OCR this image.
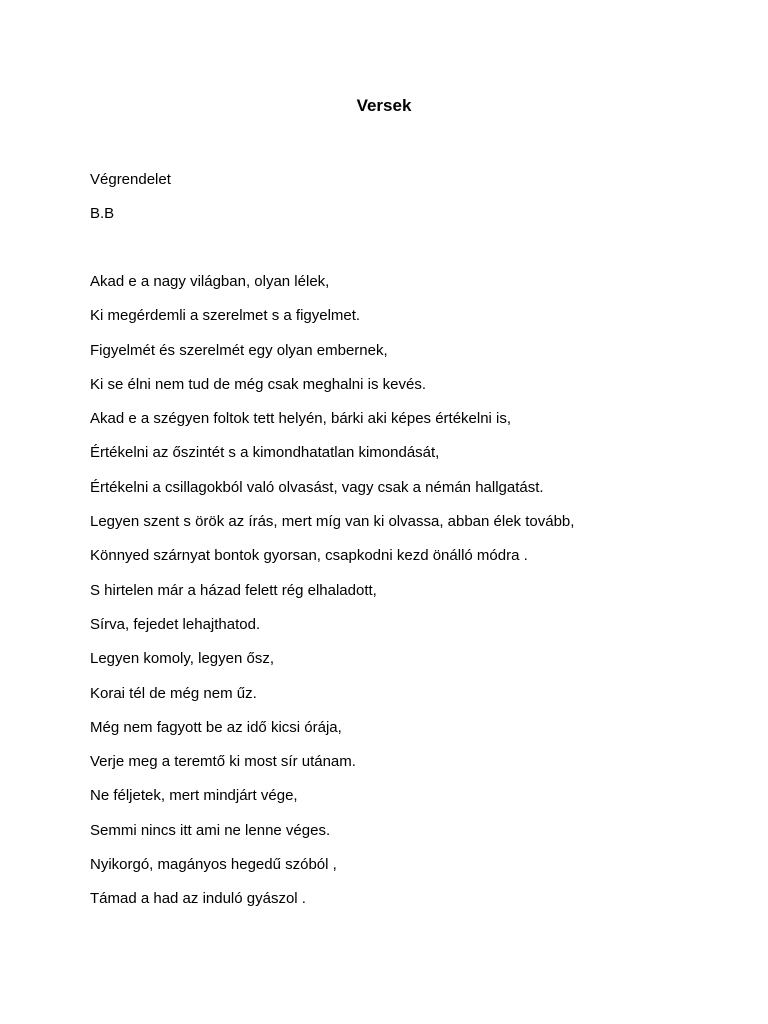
Versek
Végrendelet
B.B
Akad e a nagy világban, olyan lélek,
Ki megérdemli a szerelmet s a figyelmet.
Figyelmét és szerelmét egy olyan embernek,
Ki se élni nem tud de még csak meghalni is kevés.
Akad e a szégyen foltok tett helyén, bárki aki képes értékelni is,
Értékelni az őszintét s a kimondhatatlan kimondását,
Értékelni a csillagokból való olvasást, vagy csak a némán hallgatást.
Legyen szent s örök az írás, mert míg van ki olvassa, abban élek tovább,
Könnyed szárnyat bontok gyorsan, csapkodni kezd önálló módra .
S hirtelen már a házad felett rég elhaladott,
Sírva, fejedet lehajthatod.
Legyen komoly, legyen ősz,
Korai tél de még nem űz.
Még nem fagyott be az idő kicsi órája,
Verje meg a teremtő ki most sír utánam.
Ne féljetek, mert mindjárt vége,
Semmi nincs itt ami ne lenne véges.
Nyikorgó, magányos hegedű szóból ,
Támad a had az induló gyászol .
